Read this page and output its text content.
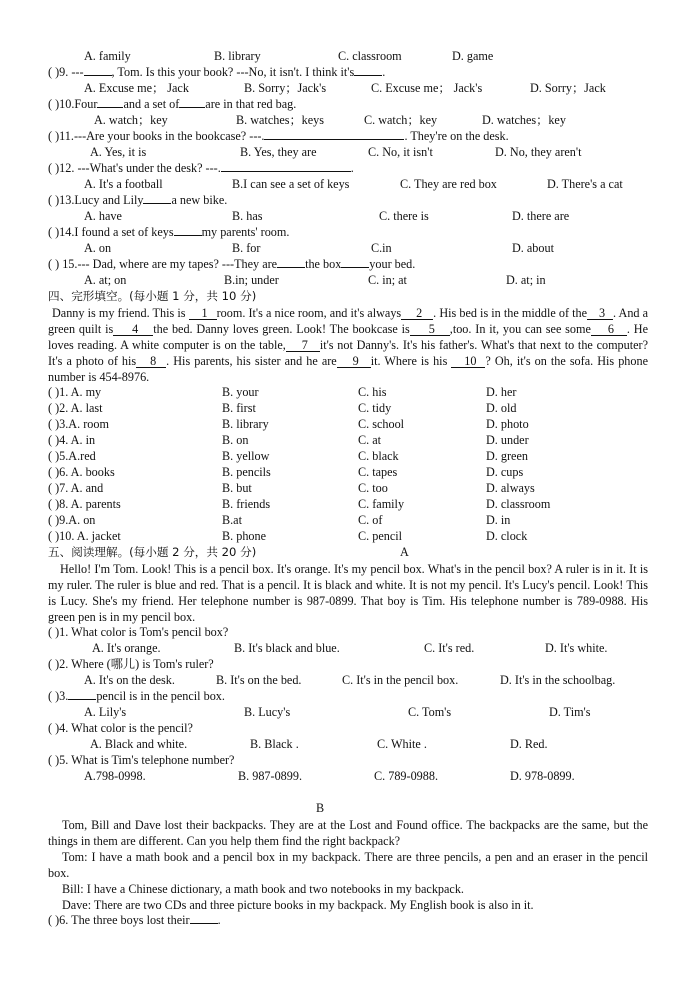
A. family	B. library	C. classroom	D. game
( )9. --- , Tom. Is this your book? ---No, it isn't. I think it's .
A. Excuse me； Jack	B. Sorry；Jack's	C. Excuse me； Jack's	D. Sorry；Jack
( )10.Four and a set of are in that red bag.
A. watch；key	B. watches；keys	C. watch；key	D. watches；key
( )11.---Are your books in the bookcase? ---.	. They're on the desk.
A. Yes, it is	B. Yes, they are	C. No, it isn't	D. No, they aren't
( )12. ---What's under the desk? ---.	.
A. It's a football	B.I can see a set of keys	C. They are red box	D. There's a cat
( )13.Lucy and Lily a new bike.
A. have	B. has	C. there is	D. there are
( )14.I found a set of keys my parents' room.
A. on	B. for	C.in	D. about
( ) 15.--- Dad, where are my tapes? ---They are the box your bed.
A. at; on	B.in; under	C. in; at	D. at; in
四、完形填空。(每小题 1 分，共 10 分)
Danny is my friend. This is 1 room. It's a nice room, and it's always 2 . His bed is in the middle of the 3 . And a green quilt is 4 the bed. Danny loves green. Look! The bookcase is 5 ,too. In it, you can see some 6 . He loves reading. A white computer is on the table, 7 it's not Danny's. It's his father's. What's that next to the computer? It's a photo of his 8 . His parents, his sister and he are 9 it. Where is his 10 ? Oh, it's on the sofa. His phone number is 454-8976.
( )1. A. my	B. your	C. his	D. her
( )2. A. last	B. first	C. tidy	D. old
( )3.A. room	B. library	C. school	D. photo
( )4. A. in	B. on	C. at	D. under
( )5.A.red	B. yellow	C. black	D. green
( )6. A. books	B. pencils	C. tapes	D. cups
( )7. A. and	B. but	C. too	D. always
( )8. A. parents	B. friends	C. family	D. classroom
( )9.A. on	B.at	C. of	D. in
( )10. A. jacket	B. phone	C. pencil	D. clock
五、阅读理解。(每小题 2 分，共 20 分)	A
Hello! I'm Tom. Look! This is a pencil box. It's orange. It's my pencil box. What's in the pencil box? A ruler is in it. It is my ruler. The ruler is blue and red. That is a pencil. It is black and white. It is not my pencil. It's Lucy's pencil. Look! This is Lucy. She's my friend. Her telephone number is 987-0899. That boy is Tim. His telephone number is 789-0988. His green pen is in my pencil box.
( )1. What color is Tom's pencil box?
A. It's orange.	B. It's black and blue.	C. It's red.	D. It's white.
( )2. Where (哪儿) is Tom's ruler?
A. It's on the desk.	B. It's on the bed.	C. It's in the pencil box.	D. It's in the schoolbag.
( )3. pencil is in the pencil box.
A. Lily's	B. Lucy's	C. Tom's	D. Tim's
( )4. What color is the pencil?
A. Black and white.	B. Black .	C. White .	D. Red.
( )5. What is Tim's telephone number?
A.798-0998.	B. 987-0899.	C. 789-0988.	D. 978-0899.
B
Tom, Bill and Dave lost their backpacks. They are at the Lost and Found office. The backpacks are the same, but the things in them are different. Can you help them find the right backpack?
Tom: I have a math book and a pencil box in my backpack. There are three pencils, a pen and an eraser in the pencil box.
Bill: I have a Chinese dictionary, a math book and two notebooks in my backpack.
Dave: There are two CDs and three picture books in my backpack. My English book is also in it.
( )6. The three boys lost their .
